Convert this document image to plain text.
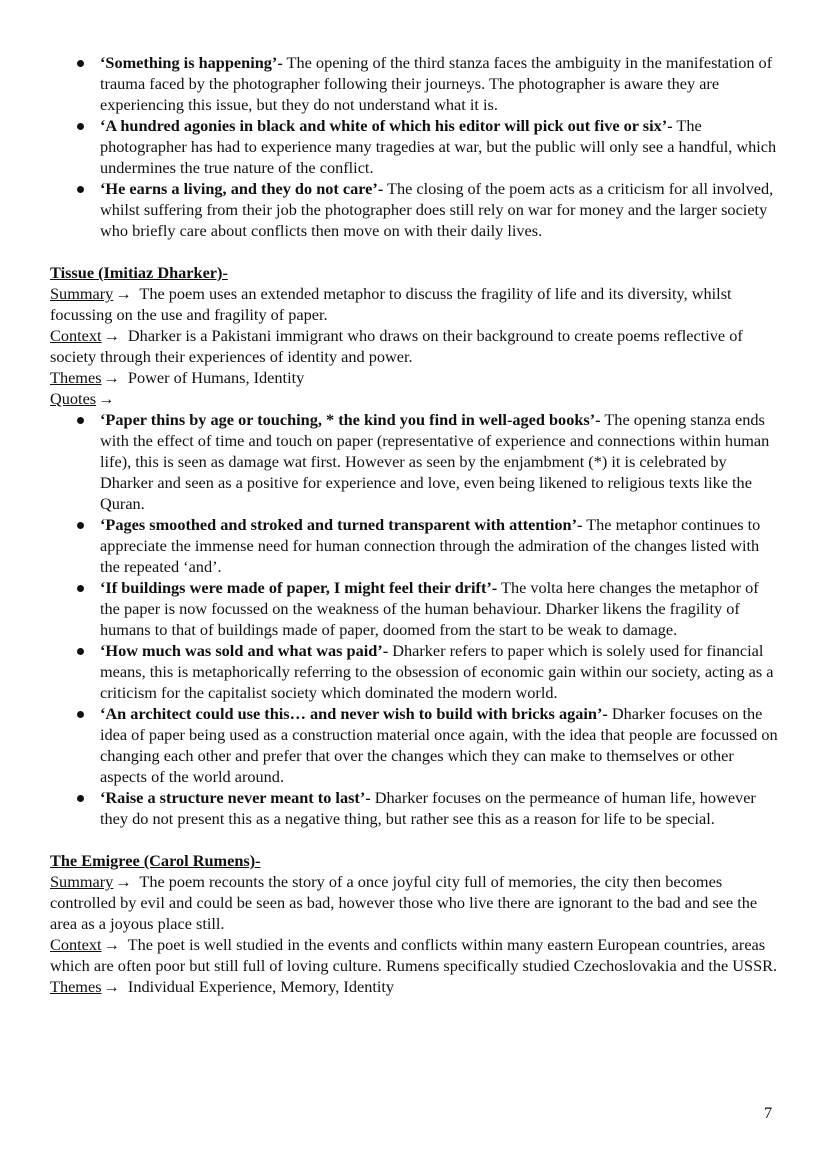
‘Something is happening’- The opening of the third stanza faces the ambiguity in the manifestation of trauma faced by the photographer following their journeys. The photographer is aware they are experiencing this issue, but they do not understand what it is.
‘A hundred agonies in black and white of which his editor will pick out five or six’- The photographer has had to experience many tragedies at war, but the public will only see a handful, which undermines the true nature of the conflict.
‘He earns a living, and they do not care’- The closing of the poem acts as a criticism for all involved, whilst suffering from their job the photographer does still rely on war for money and the larger society who briefly care about conflicts then move on with their daily lives.
Tissue (Imitiaz Dharker)-
Summary → The poem uses an extended metaphor to discuss the fragility of life and its diversity, whilst focussing on the use and fragility of paper.
Context → Dharker is a Pakistani immigrant who draws on their background to create poems reflective of society through their experiences of identity and power.
Themes → Power of Humans, Identity
Quotes →
‘Paper thins by age or touching, * the kind you find in well-aged books’- The opening stanza ends with the effect of time and touch on paper (representative of experience and connections within human life), this is seen as damage wat first. However as seen by the enjambment (*) it is celebrated by Dharker and seen as a positive for experience and love, even being likened to religious texts like the Quran.
‘Pages smoothed and stroked and turned transparent with attention’- The metaphor continues to appreciate the immense need for human connection through the admiration of the changes listed with the repeated ‘and’.
‘If buildings were made of paper, I might feel their drift’- The volta here changes the metaphor of the paper is now focussed on the weakness of the human behaviour. Dharker likens the fragility of humans to that of buildings made of paper, doomed from the start to be weak to damage.
‘How much was sold and what was paid’- Dharker refers to paper which is solely used for financial means, this is metaphorically referring to the obsession of economic gain within our society, acting as a criticism for the capitalist society which dominated the modern world.
‘An architect could use this… and never wish to build with bricks again’- Dharker focuses on the idea of paper being used as a construction material once again, with the idea that people are focussed on changing each other and prefer that over the changes which they can make to themselves or other aspects of the world around.
‘Raise a structure never meant to last’- Dharker focuses on the permeance of human life, however they do not present this as a negative thing, but rather see this as a reason for life to be special.
The Emigree (Carol Rumens)-
Summary → The poem recounts the story of a once joyful city full of memories, the city then becomes controlled by evil and could be seen as bad, however those who live there are ignorant to the bad and see the area as a joyous place still.
Context → The poet is well studied in the events and conflicts within many eastern European countries, areas which are often poor but still full of loving culture. Rumens specifically studied Czechoslovakia and the USSR.
Themes → Individual Experience, Memory, Identity
7
